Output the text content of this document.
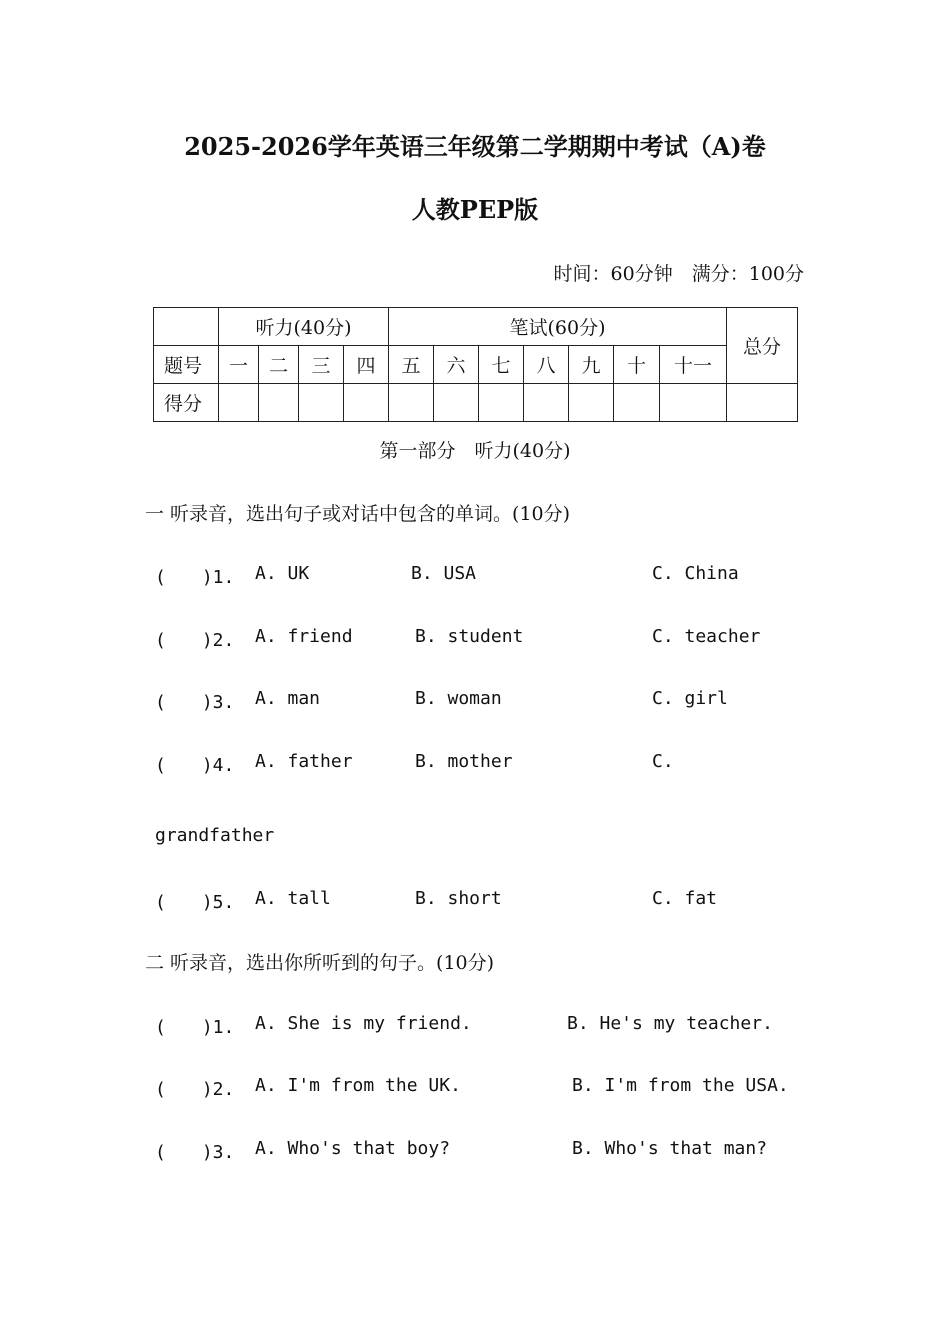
2025-2026学年英语三年级第二学期期中考试（A)卷
人教PEP版
时间：60分钟　满分：100分
	听力(40分)				笔试(60分)							总分
题号	一	二	三	四	五	六	七	八	九	十	十一	
得分												
第一部分　听力(40分)
一 听录音，选出句子或对话中包含的单词。(10分)
(　　)1. A. UK	B. USA	C. China
(　　)2. A. friend	B. student	C. teacher
(　　)3. A. man	B. woman	C. girl
(　　)4. A. father	B. mother	C.
grandfather
(　　)5. A. tall	B. short	C. fat
二 听录音，选出你所听到的句子。(10分)
(　　)1. A. She is my friend.	B. He's my teacher.
(　　)2. A. I'm from the UK.	B. I'm from the USA.
(　　)3. A. Who's that boy?	B. Who's that man?
